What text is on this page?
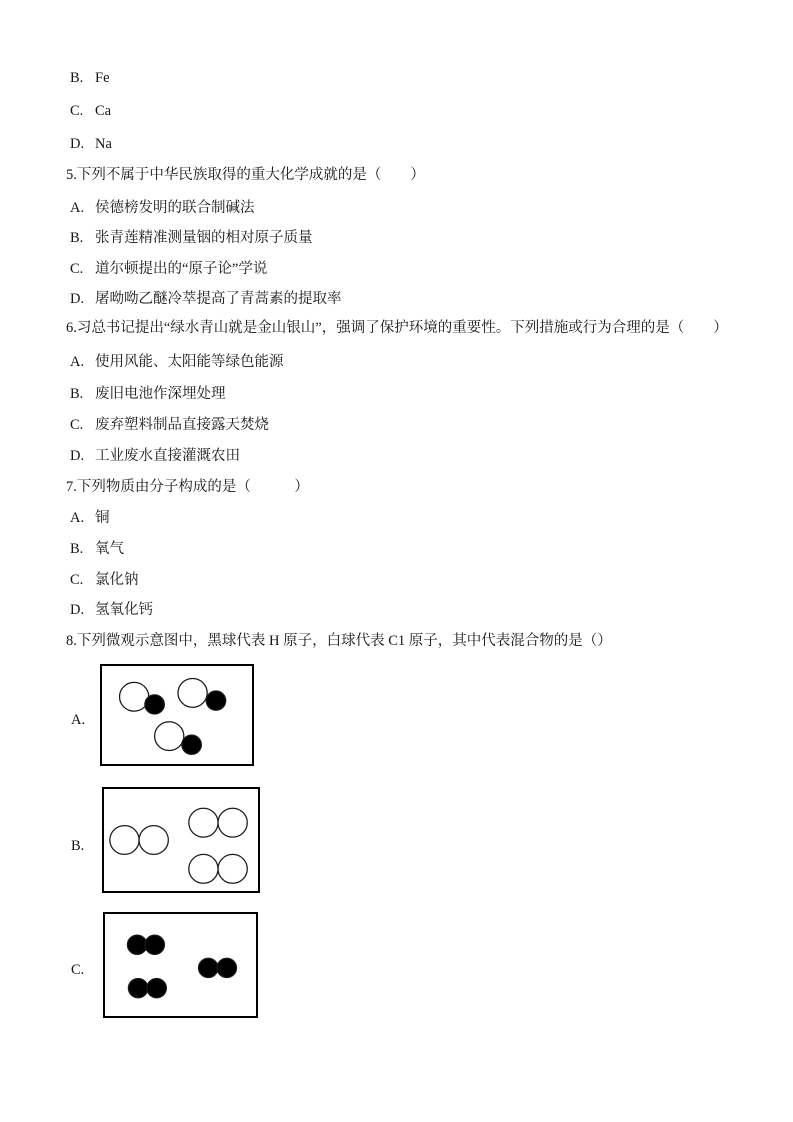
B. Fe
C. Ca
D. Na
5.下列不属于中华民族取得的重大化学成就的是（　　）
A. 侯德榜发明的联合制碱法
B. 张青莲精准测量铟的相对原子质量
C. 道尔顿提出的“原子论”学说
D. 屠呦呦乙醚冷萃提高了青蒿素的提取率
6.习总书记提出“绿水青山就是金山银山”，强调了保护环境的重要性。下列措施或行为合理的是（　　）
A. 使用风能、太阳能等绿色能源
B. 废旧电池作深埋处理
C. 废弃塑料制品直接露天焚烧
D. 工业废水直接灌溉农田
7.下列物质由分子构成的是（　　　）
A. 铜
B. 氧气
C. 氯化钠
D. 氢氧化钙
8.下列微观示意图中，黑球代表 H 原子，白球代表 C1 原子，其中代表混合物的是（）
A.
B.
C.
